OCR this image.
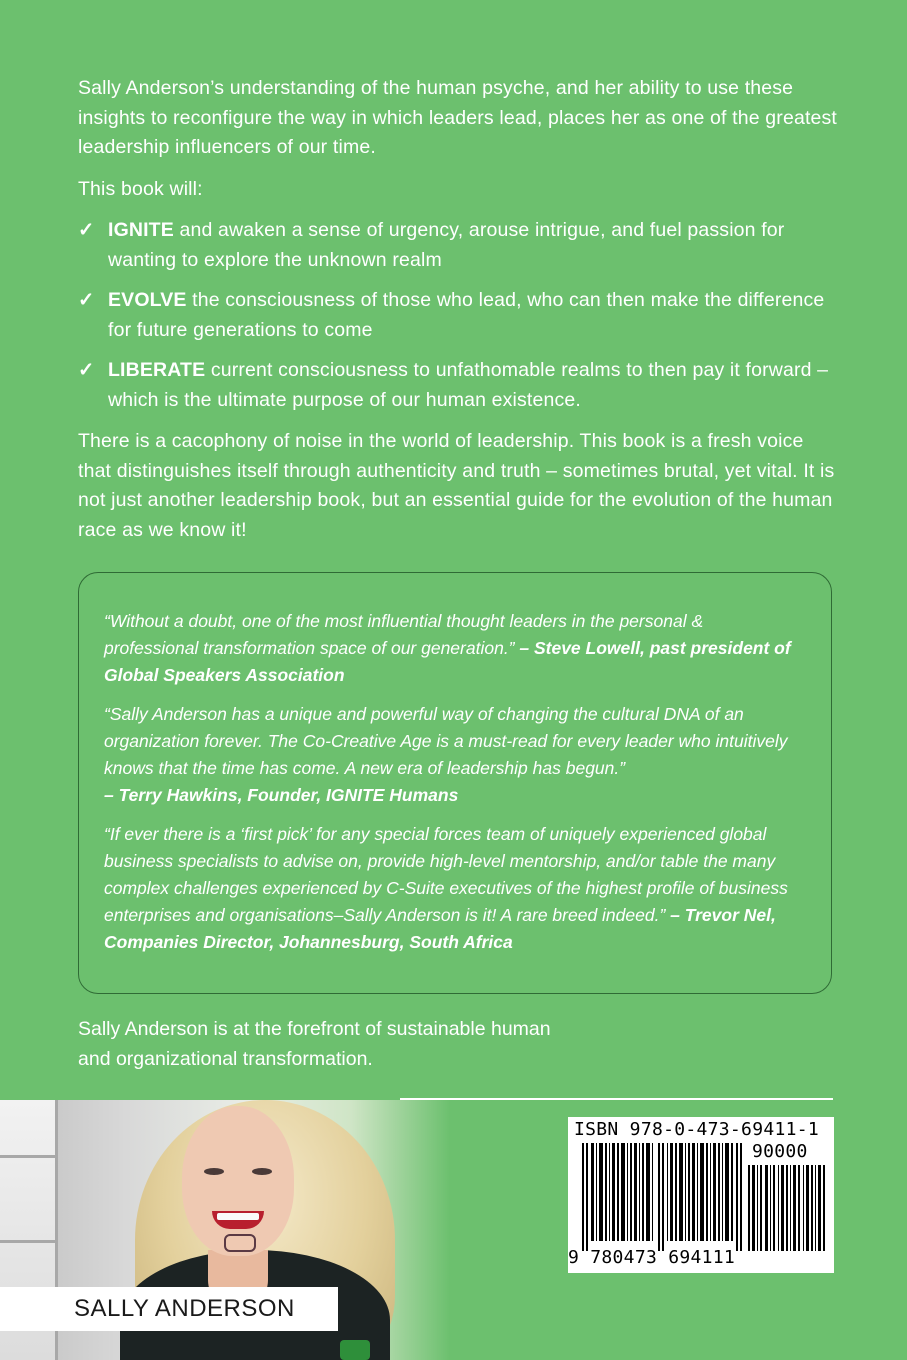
Sally Anderson’s understanding of the human psyche, and her ability to use these insights to reconfigure the way in which leaders lead, places her as one of the greatest leadership influencers of our time.

This book will:

✓ IGNITE and awaken a sense of urgency, arouse intrigue, and fuel passion for wanting to explore the unknown realm
✓ EVOLVE the consciousness of those who lead, who can then make the difference for future generations to come
✓ LIBERATE current consciousness to unfathomable realms to then pay it forward – which is the ultimate purpose of our human existence.

There is a cacophony of noise in the world of leadership. This book is a fresh voice that distinguishes itself through authenticity and truth – sometimes brutal, yet vital. It is not just another leadership book, but an essential guide for the evolution of the human race as we know it!

“Without a doubt, one of the most influential thought leaders in the personal & professional transformation space of our generation.” – Steve Lowell, past president of Global Speakers Association

“Sally Anderson has a unique and powerful way of changing the cultural DNA of an organization forever. The Co-Creative Age is a must-read for every leader who intuitively knows that the time has come. A new era of leadership has begun.”
– Terry Hawkins, Founder, IGNITE Humans

“If ever there is a ‘first pick’ for any special forces team of uniquely experienced global business specialists to advise on, provide high-level mentorship, and/or table the many complex challenges experienced by C-Suite executives of the highest profile of business enterprises and organisations–Sally Anderson is it! A rare breed indeed.” – Trevor Nel, Companies Director, Johannesburg, South Africa

Sally Anderson is at the forefront of sustainable human and organizational transformation.
SALLY ANDERSON
ISBN 978-0-473-69411-1
90000
9 780473 694111
